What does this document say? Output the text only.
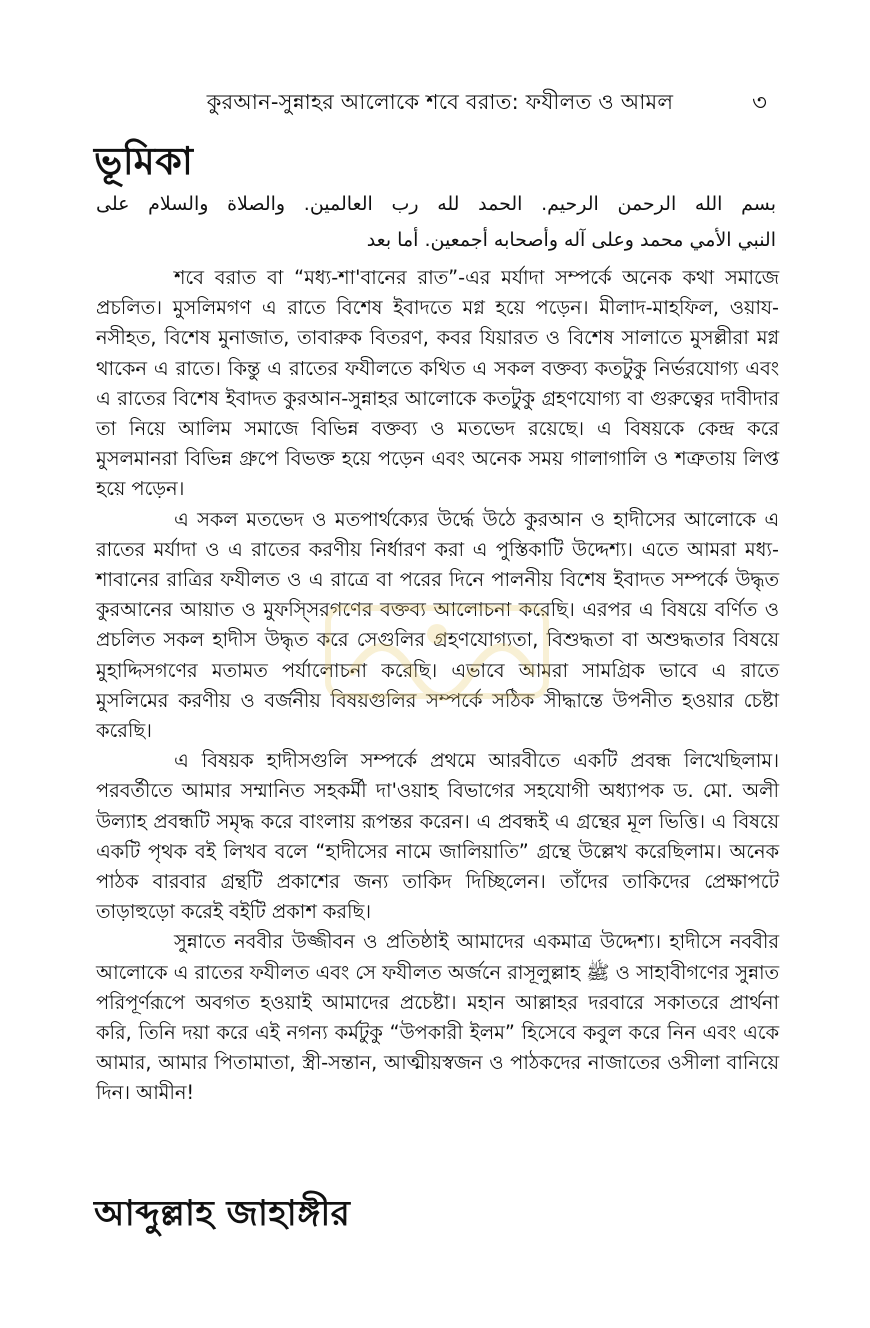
কুরআন-সুন্নাহর আলোকে শবে বরাত: ফযীলত ও আমল	৩
ভূমিকা
بسم الله الرحمن الرحيم. الحمد لله رب العالمين. والصلاة والسلام على
النبي الأمي محمد وعلى آله وأصحابه أجمعين. أما بعد

শবে বরাত বা “মধ্য-শা'বানের রাত”-এর মর্যাদা সম্পর্কে অনেক কথা সমাজে প্রচলিত। মুসলিমগণ এ রাতে বিশেষ ইবাদতে মগ্ন হয়ে পড়েন। মীলাদ-মাহফিল, ওয়ায-নসীহত, বিশেষ মুনাজাত, তাবারুক বিতরণ, কবর যিয়ারত ও বিশেষ সালাতে মুসল্লীরা মগ্ন থাকেন এ রাতে। কিন্তু এ রাতের ফযীলতে কথিত এ সকল বক্তব্য কতটুকু নির্ভরযোগ্য এবং এ রাতের বিশেষ ইবাদত কুরআন-সুন্নাহর আলোকে কতটুকু গ্রহণযোগ্য বা গুরুত্বের দাবীদার তা নিয়ে আলিম সমাজে বিভিন্ন বক্তব্য ও মতভেদ রয়েছে। এ বিষয়কে কেন্দ্র করে মুসলমানরা বিভিন্ন গ্রুপে বিভক্ত হয়ে পড়েন এবং অনেক সময় গালাগালি ও শত্রুতায় লিপ্ত হয়ে পড়েন।

এ সকল মতভেদ ও মতপার্থক্যের উর্দ্ধে উঠে কুরআন ও হাদীসের আলোকে এ রাতের মর্যাদা ও এ রাতের করণীয় নির্ধারণ করা এ পুস্তিকাটি উদ্দেশ্য। এতে আমরা মধ্য-শাবানের রাত্রির ফযীলত ও এ রাত্রে বা পরের দিনে পালনীয় বিশেষ ইবাদত সম্পর্কে উদ্ধৃত কুরআনের আয়াত ও মুফস্সিরগণের বক্তব্য আলোচনা করেছি। এরপর এ বিষয়ে বর্ণিত ও প্রচলিত সকল হাদীস উদ্ধৃত করে সেগুলির গ্রহণযোগ্যতা, বিশুদ্ধতা বা অশুদ্ধতার বিষয়ে মুহাদ্দিসগণের মতামত পর্যালোচনা করেছি। এভাবে আমরা সামগ্রিক ভাবে এ রাতে মুসলিমের করণীয় ও বর্জনীয় বিষয়গুলির সম্পর্কে সঠিক সীদ্ধান্তে উপনীত হওয়ার চেষ্টা করেছি।

এ বিষয়ক হাদীসগুলি সম্পর্কে প্রথমে আরবীতে একটি প্রবন্ধ লিখেছিলাম। পরবর্তীতে আমার সম্মানিত সহকর্মী দা'ওয়াহ বিভাগের সহযোগী অধ্যাপক ড. মো. অলী উল্যাহ প্রবন্ধটি সমৃদ্ধ করে বাংলায় রূপন্তর করেন। এ প্রবন্ধই এ গ্রন্থের মূল ভিত্তি। এ বিষয়ে একটি পৃথক বই লিখব বলে “হাদীসের নামে জালিয়াতি” গ্রন্থে উল্লেখ করেছিলাম। অনেক পাঠক বারবার গ্রন্থটি প্রকাশের জন্য তাকিদ দিচ্ছিলেন। তাঁদের তাকিদের প্রেক্ষাপটে তাড়াহুড়ো করেই বইটি প্রকাশ করছি।

সুন্নাতে নববীর উজ্জীবন ও প্রতিষ্ঠাই আমাদের একমাত্র উদ্দেশ্য। হাদীসে নববীর আলোকে এ রাতের ফযীলত এবং সে ফযীলত অর্জনে রাসূলুল্লাহ ﷺ ও সাহাবীগণের সুন্নাত পরিপূর্ণরূপে অবগত হওয়াই আমাদের প্রচেষ্টা। মহান আল্লাহর দরবারে সকাতরে প্রার্থনা করি, তিনি দয়া করে এই নগন্য কর্মটুকু “উপকারী ইলম” হিসেবে কবুল করে নিন এবং একে আমার, আমার পিতামাতা, স্ত্রী-সন্তান, আত্মীয়স্বজন ও পাঠকদের নাজাতের ওসীলা বানিয়ে দিন। আমীন!

আব্দুল্লাহ জাহাঙ্গীর
